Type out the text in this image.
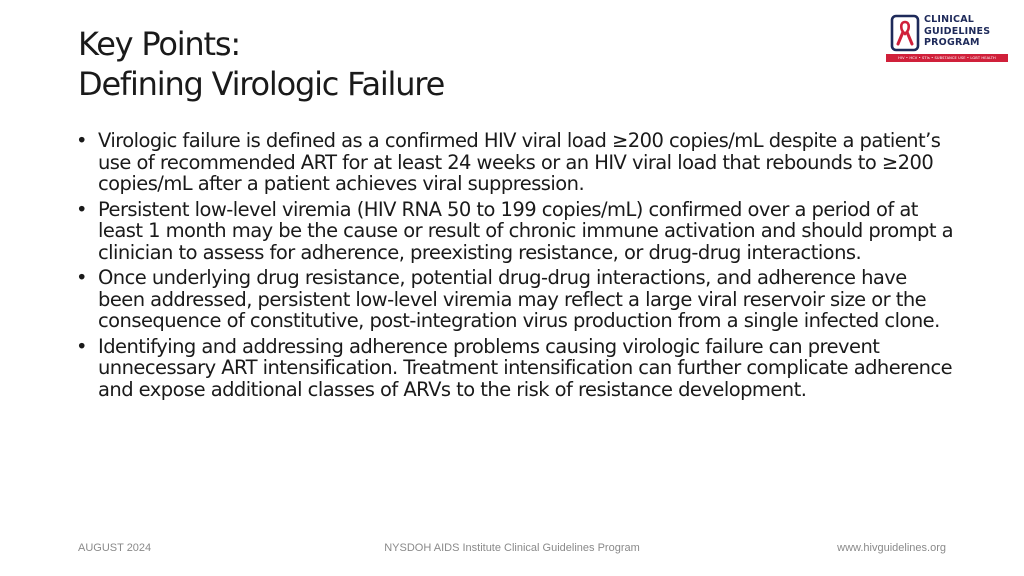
Key Points:
Defining Virologic Failure
CLINICAL
GUIDELINES
PROGRAM
HIV • HCV • STIs • SUBSTANCE USE • LGBT HEALTH
• Virologic failure is defined as a confirmed HIV viral load ≥200 copies/mL despite a patient’s use of recommended ART for at least 24 weeks or an HIV viral load that rebounds to ≥200 copies/mL after a patient achieves viral suppression.
• Persistent low-level viremia (HIV RNA 50 to 199 copies/mL) confirmed over a period of at least 1 month may be the cause or result of chronic immune activation and should prompt a clinician to assess for adherence, preexisting resistance, or drug-drug interactions.
• Once underlying drug resistance, potential drug-drug interactions, and adherence have been addressed, persistent low-level viremia may reflect a large viral reservoir size or the consequence of constitutive, post-integration virus production from a single infected clone.
• Identifying and addressing adherence problems causing virologic failure can prevent unnecessary ART intensification. Treatment intensification can further complicate adherence and expose additional classes of ARVs to the risk of resistance development.
AUGUST 2024	NYSDOH AIDS Institute Clinical Guidelines Program	www.hivguidelines.org
